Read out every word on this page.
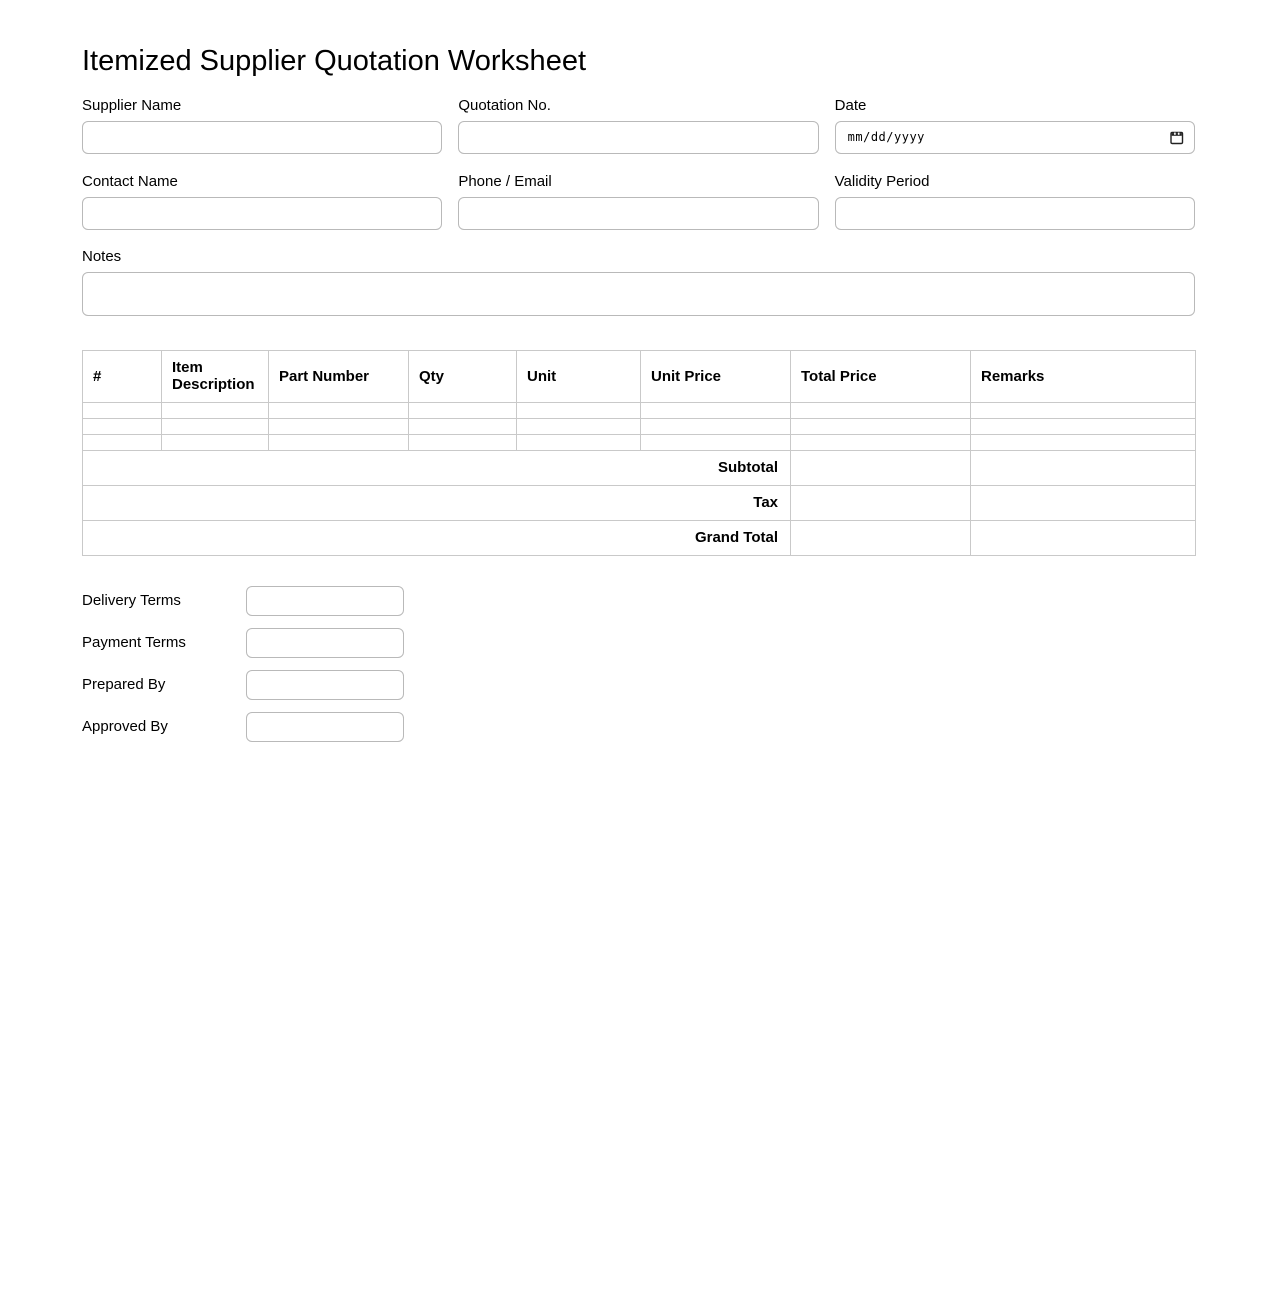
Itemized Supplier Quotation Worksheet
Supplier Name	Quotation No.	Date
mm/dd/yyyy
Contact Name	Phone / Email	Validity Period
Notes
#	Item Description	Part Number	Qty	Unit	Unit Price	Total Price	Remarks

Subtotal							
Tax							
Grand Total							
Delivery Terms
Payment Terms
Prepared By
Approved By
